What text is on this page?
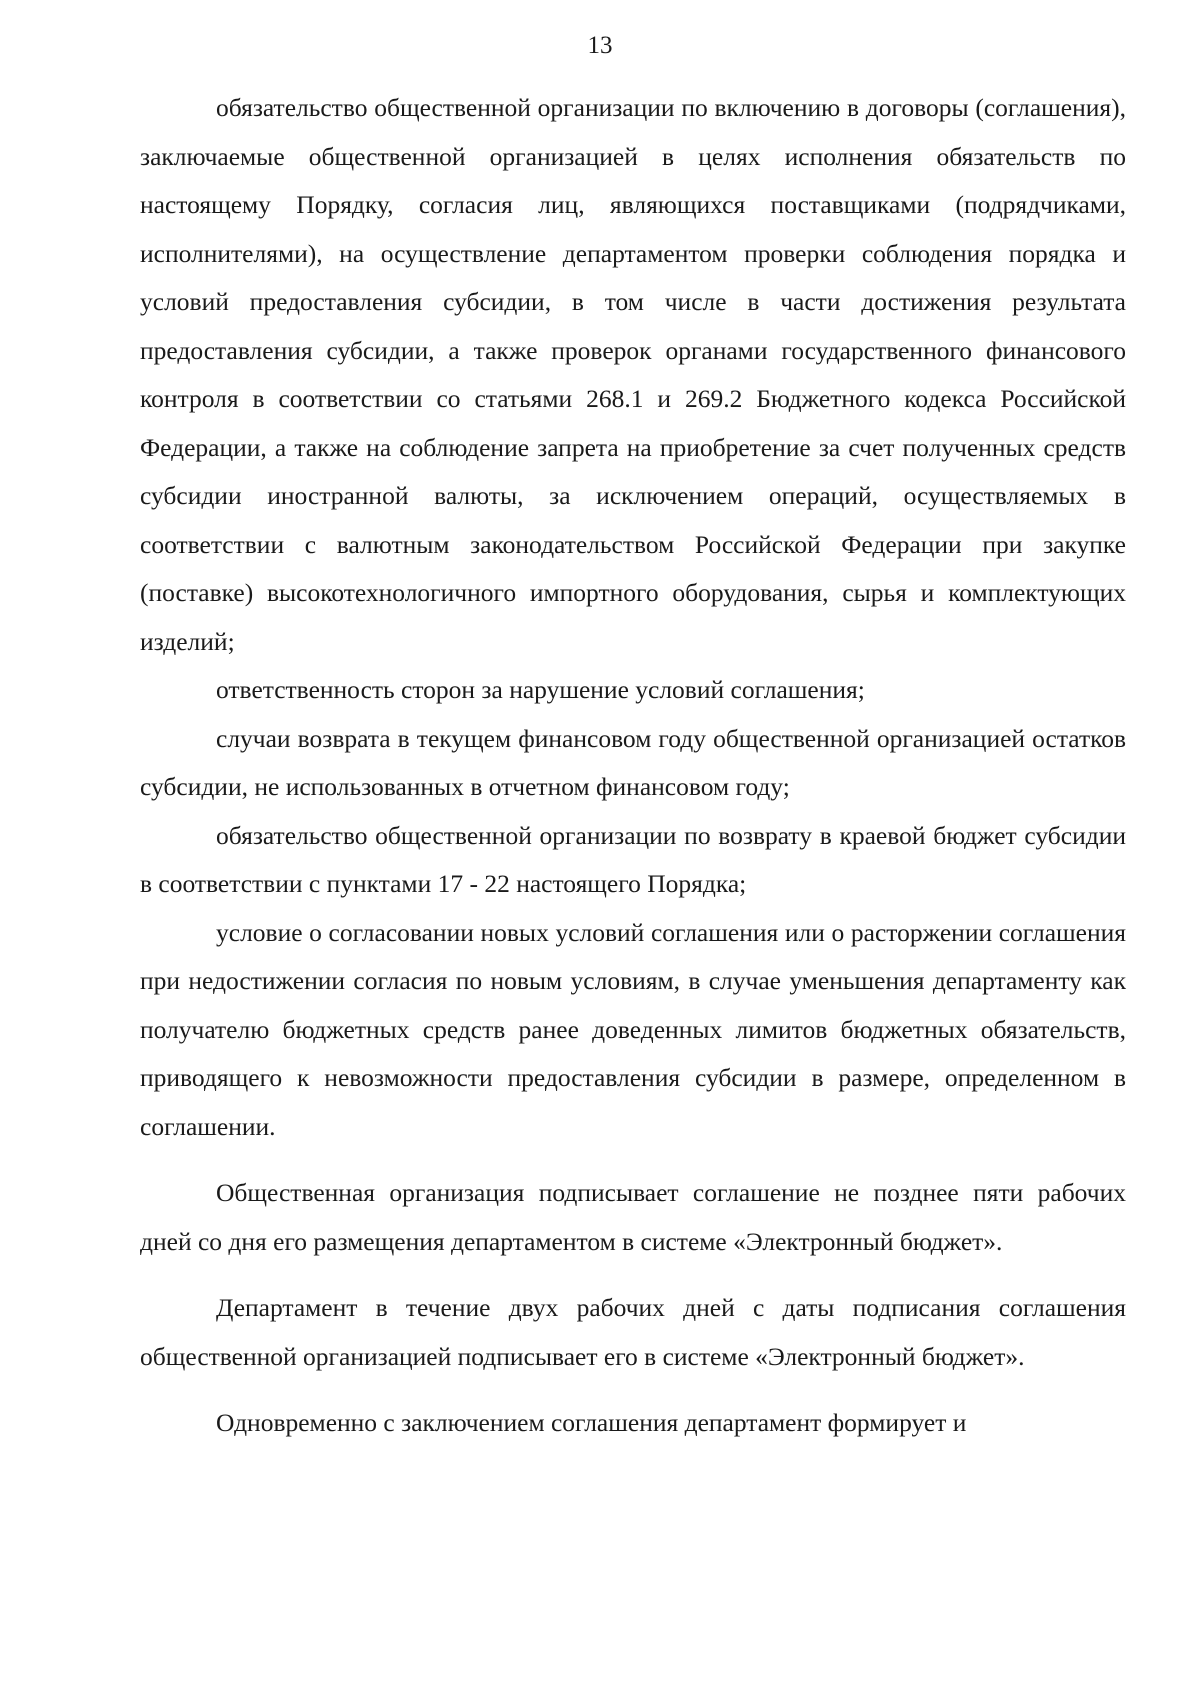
13

обязательство общественной организации по включению в договоры (соглашения), заключаемые общественной организацией в целях исполнения обязательств по настоящему Порядку, согласия лиц, являющихся поставщиками (подрядчиками, исполнителями), на осуществление департаментом проверки соблюдения порядка и условий предоставления субсидии, в том числе в части достижения результата предоставления субсидии, а также проверок органами государственного финансового контроля в соответствии со статьями 268.1 и 269.2 Бюджетного кодекса Российской Федерации, а также на соблюдение запрета на приобретение за счет полученных средств субсидии иностранной валюты, за исключением операций, осуществляемых в соответствии с валютным законодательством Российской Федерации при закупке (поставке) высокотехнологичного импортного оборудования, сырья и комплектующих изделий;

ответственность сторон за нарушение условий соглашения;

случаи возврата в текущем финансовом году общественной организацией остатков субсидии, не использованных в отчетном финансовом году;

обязательство общественной организации по возврату в краевой бюджет субсидии в соответствии с пунктами 17 - 22 настоящего Порядка;

условие о согласовании новых условий соглашения или о расторжении соглашения при недостижении согласия по новым условиям, в случае уменьшения департаменту как получателю бюджетных средств ранее доведенных лимитов бюджетных обязательств, приводящего к невозможности предоставления субсидии в размере, определенном в соглашении.

Общественная организация подписывает соглашение не позднее пяти рабочих дней со дня его размещения департаментом в системе «Электронный бюджет».

Департамент в течение двух рабочих дней с даты подписания соглашения общественной организацией подписывает его в системе «Электронный бюджет».

Одновременно с заключением соглашения департамент формирует и
